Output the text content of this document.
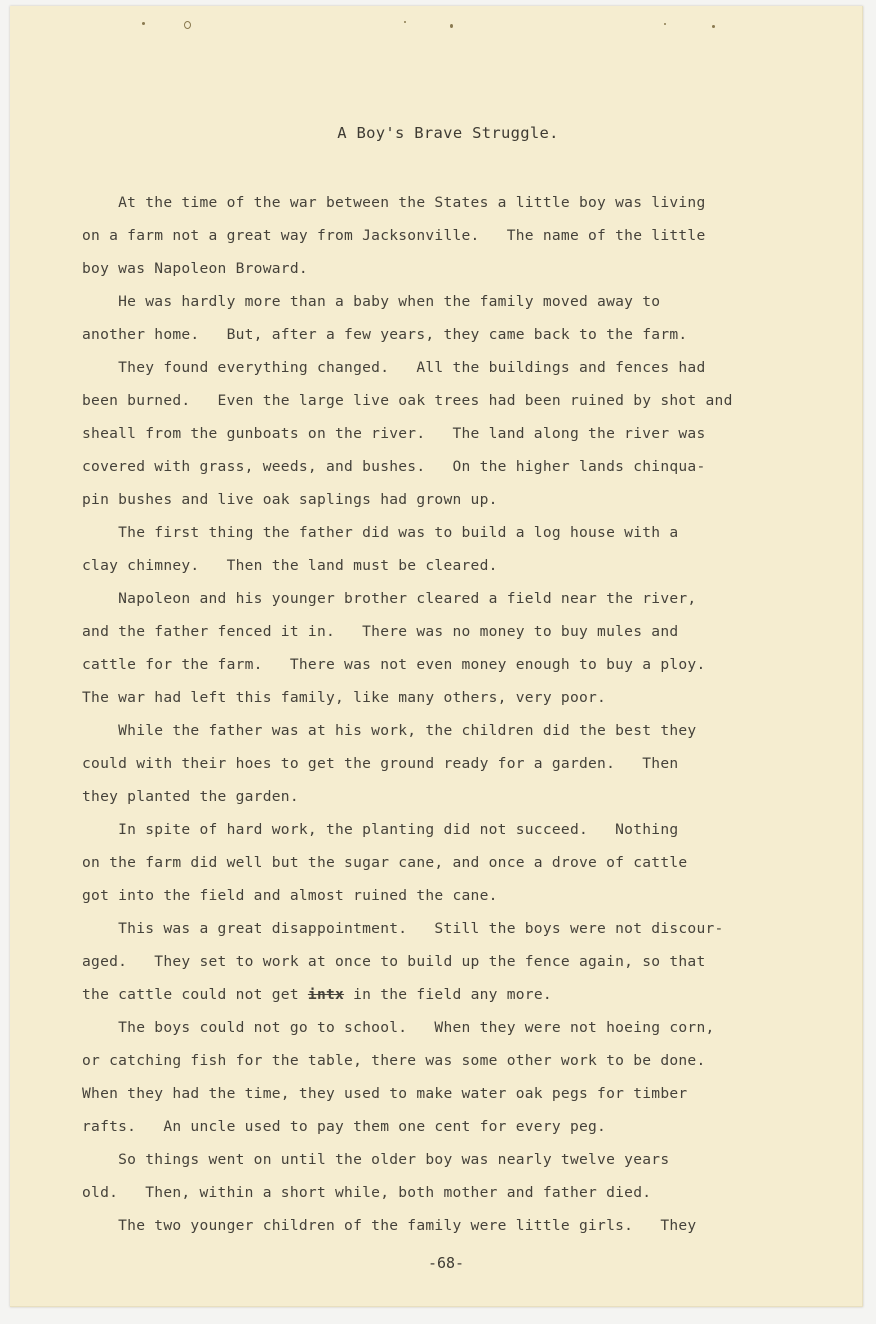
A Boy's Brave Struggle.
At the time of the war between the States a little boy was living
on a farm not a great way from Jacksonville.   The name of the little
boy was Napoleon Broward.
He was hardly more than a baby when the family moved away to
another home.   But, after a few years, they came back to the farm.
They found everything changed.   All the buildings and fences had
been burned.   Even the large live oak trees had been ruined by shot and
sheall from the gunboats on the river.   The land along the river was
covered with grass, weeds, and bushes.   On the higher lands chinqua-
pin bushes and live oak saplings had grown up.
The first thing the father did was to build a log house with a
clay chimney.   Then the land must be cleared.
Napoleon and his younger brother cleared a field near the river,
and the father fenced it in.   There was no money to buy mules and
cattle for the farm.   There was not even money enough to buy a ploy.
The war had left this family, like many others, very poor.
While the father was at his work, the children did the best they
could with their hoes to get the ground ready for a garden.   Then
they planted the garden.
In spite of hard work, the planting did not succeed.   Nothing
on the farm did well but the sugar cane, and once a drove of cattle
got into the field and almost ruined the cane.
This was a great disappointment.   Still the boys were not discour-
aged.   They set to work at once to build up the fence again, so that
the cattle could not get intx in the field any more.
The boys could not go to school.   When they were not hoeing corn,
or catching fish for the table, there was some other work to be done.
When they had the time, they used to make water oak pegs for timber
rafts.   An uncle used to pay them one cent for every peg.
So things went on until the older boy was nearly twelve years
old.   Then, within a short while, both mother and father died.
The two younger children of the family were little girls.   They
-68-
